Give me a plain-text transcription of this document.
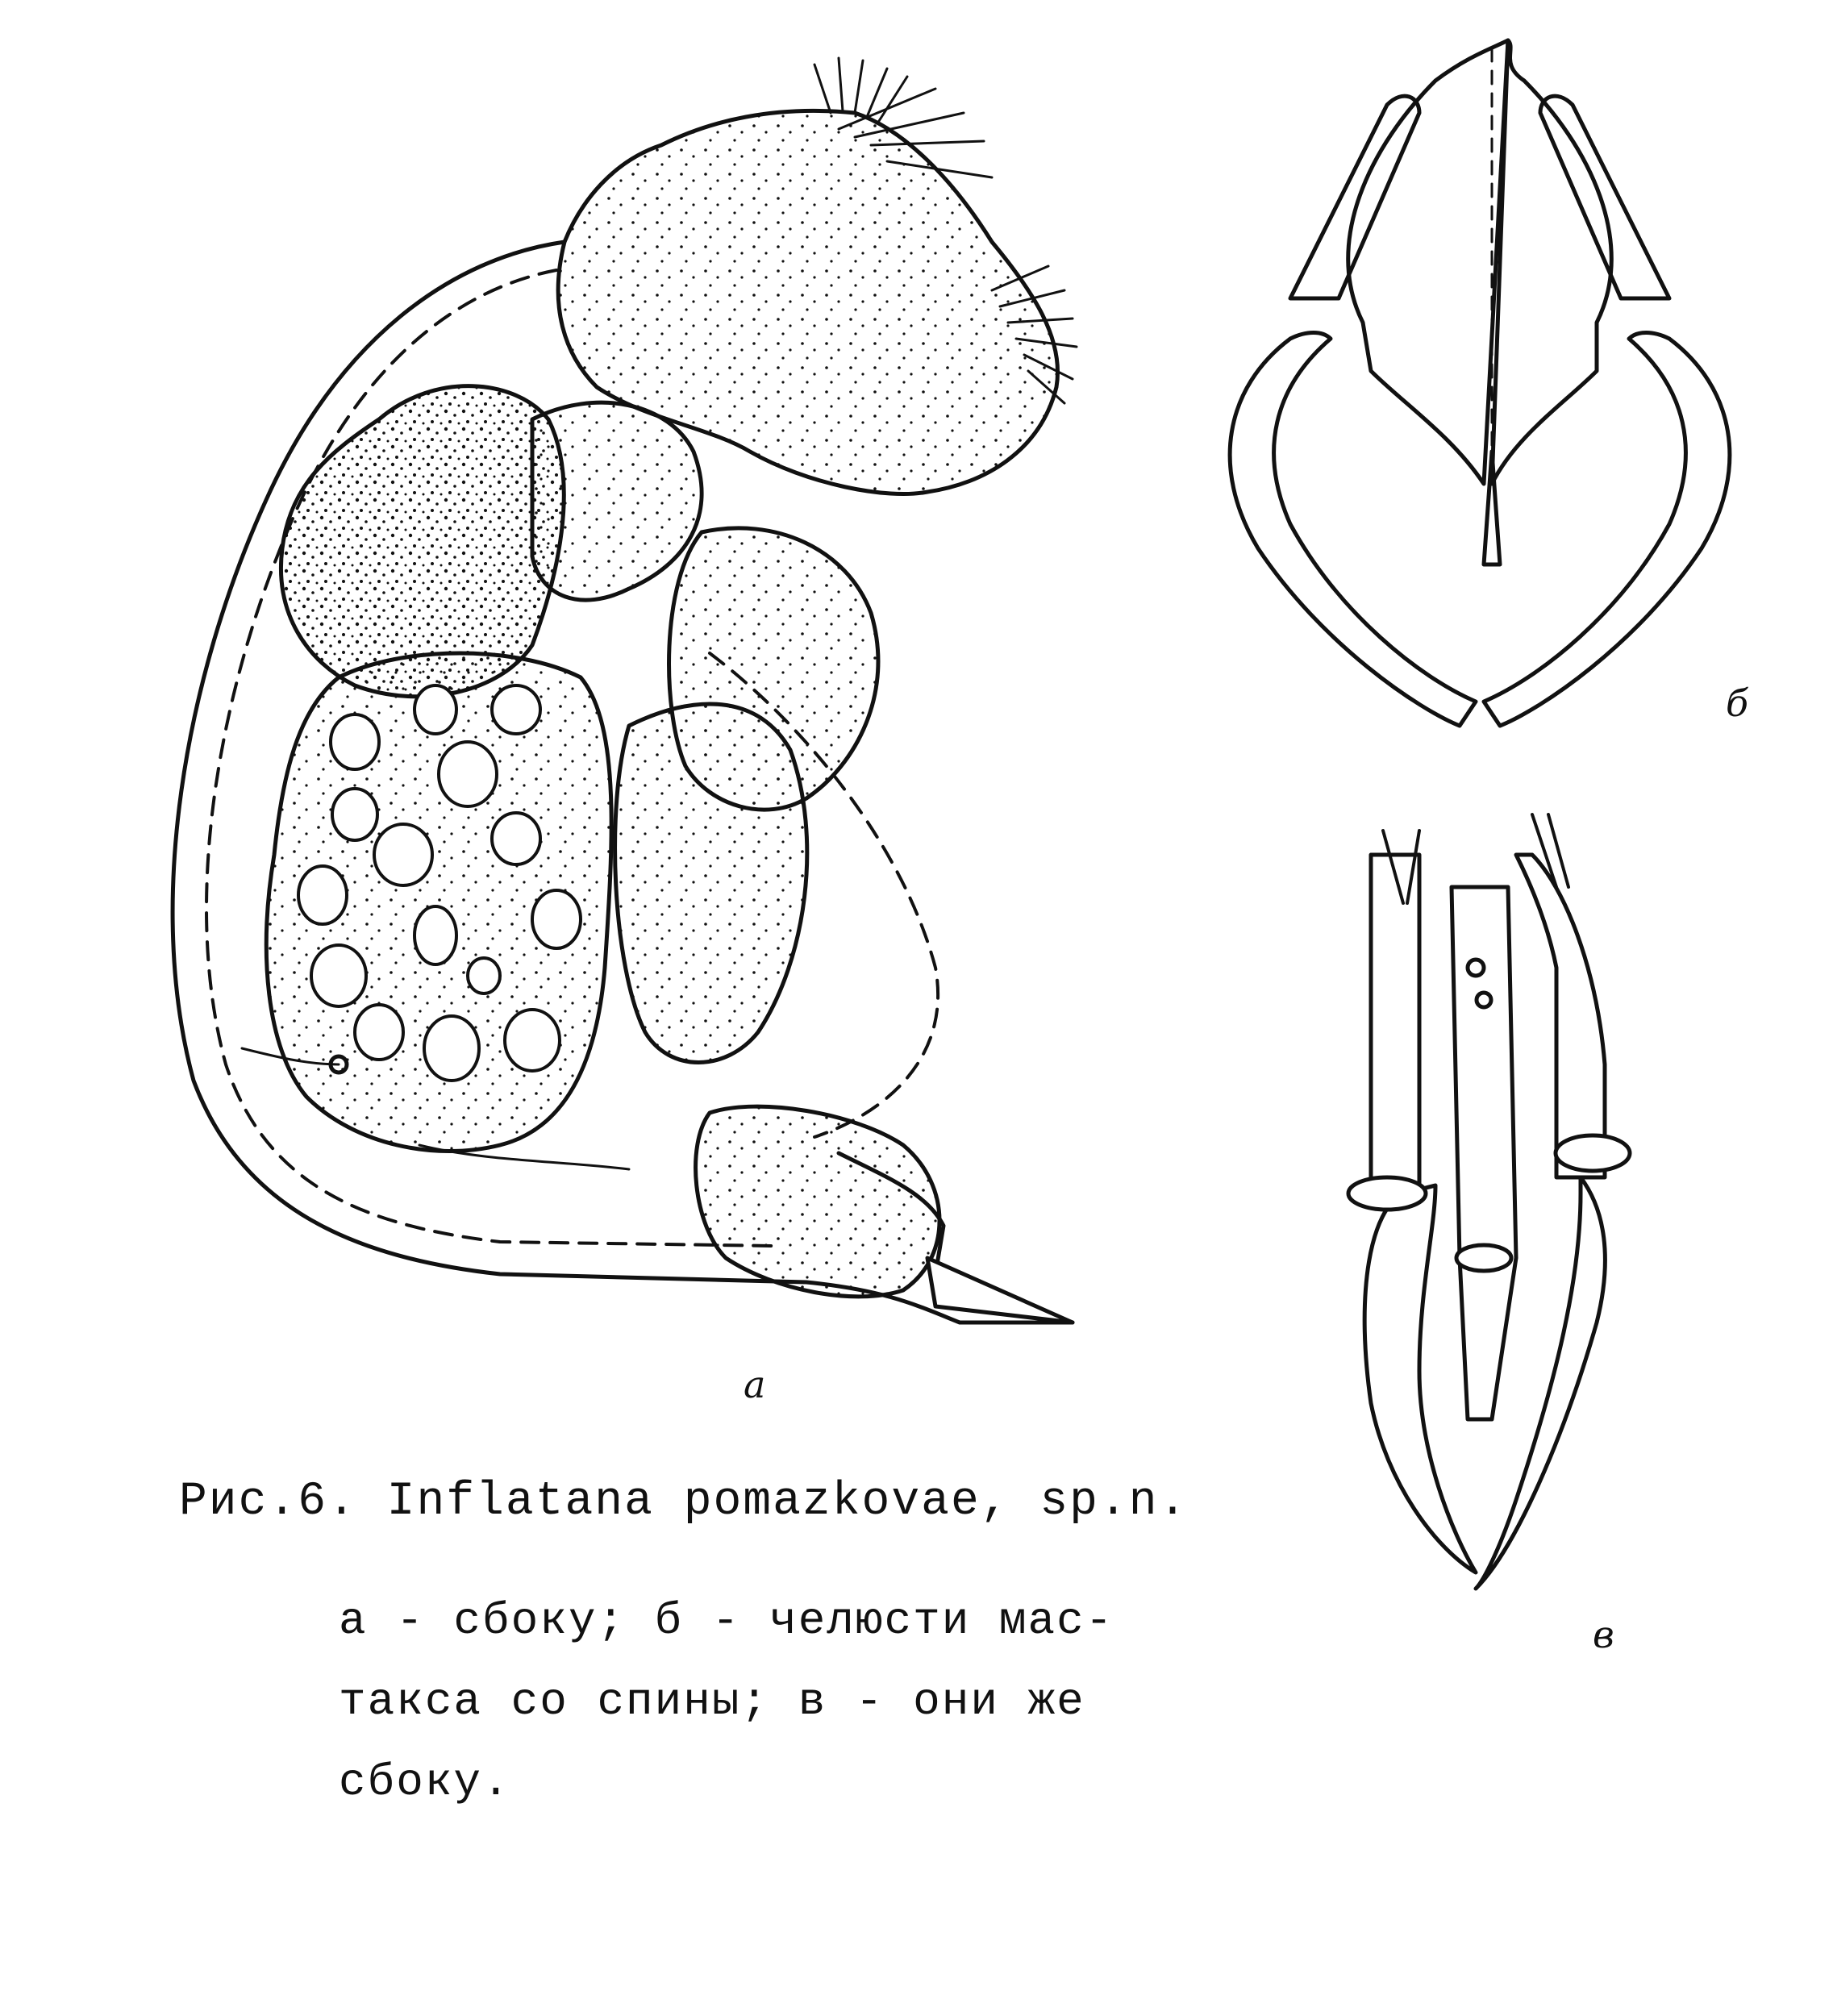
а
б
в
Рис.6. Inflatana pomazkovae, sp.n.
а - сбоку; б - челюсти мас-
такса со спины; в - они же
сбоку.
